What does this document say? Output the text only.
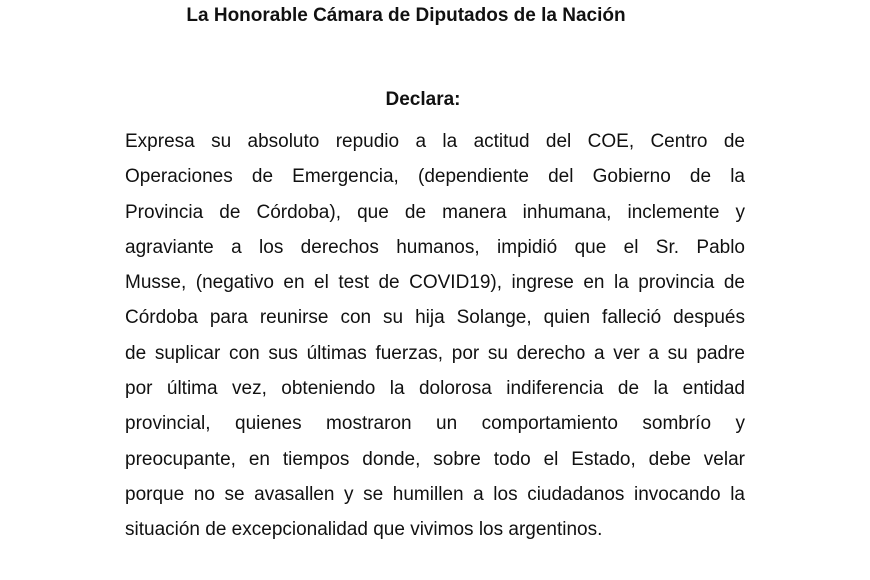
La Honorable Cámara de Diputados de la Nación
Declara:

Expresa su absoluto repudio a la actitud del COE, Centro de
Operaciones de Emergencia, (dependiente del Gobierno de la
Provincia de Córdoba), que de manera inhumana, inclemente y
agraviante a los derechos humanos, impidió que el Sr. Pablo
Musse, (negativo en el test de COVID19), ingrese en la provincia de
Córdoba para reunirse con su hija Solange, quien falleció después
de suplicar con sus últimas fuerzas, por su derecho a ver a su padre
por última vez, obteniendo la dolorosa indiferencia de la entidad
provincial, quienes mostraron un comportamiento sombrío y
preocupante, en tiempos donde, sobre todo el Estado, debe velar
porque no se avasallen y se humillen a los ciudadanos invocando la
situación de excepcionalidad que vivimos los argentinos.
